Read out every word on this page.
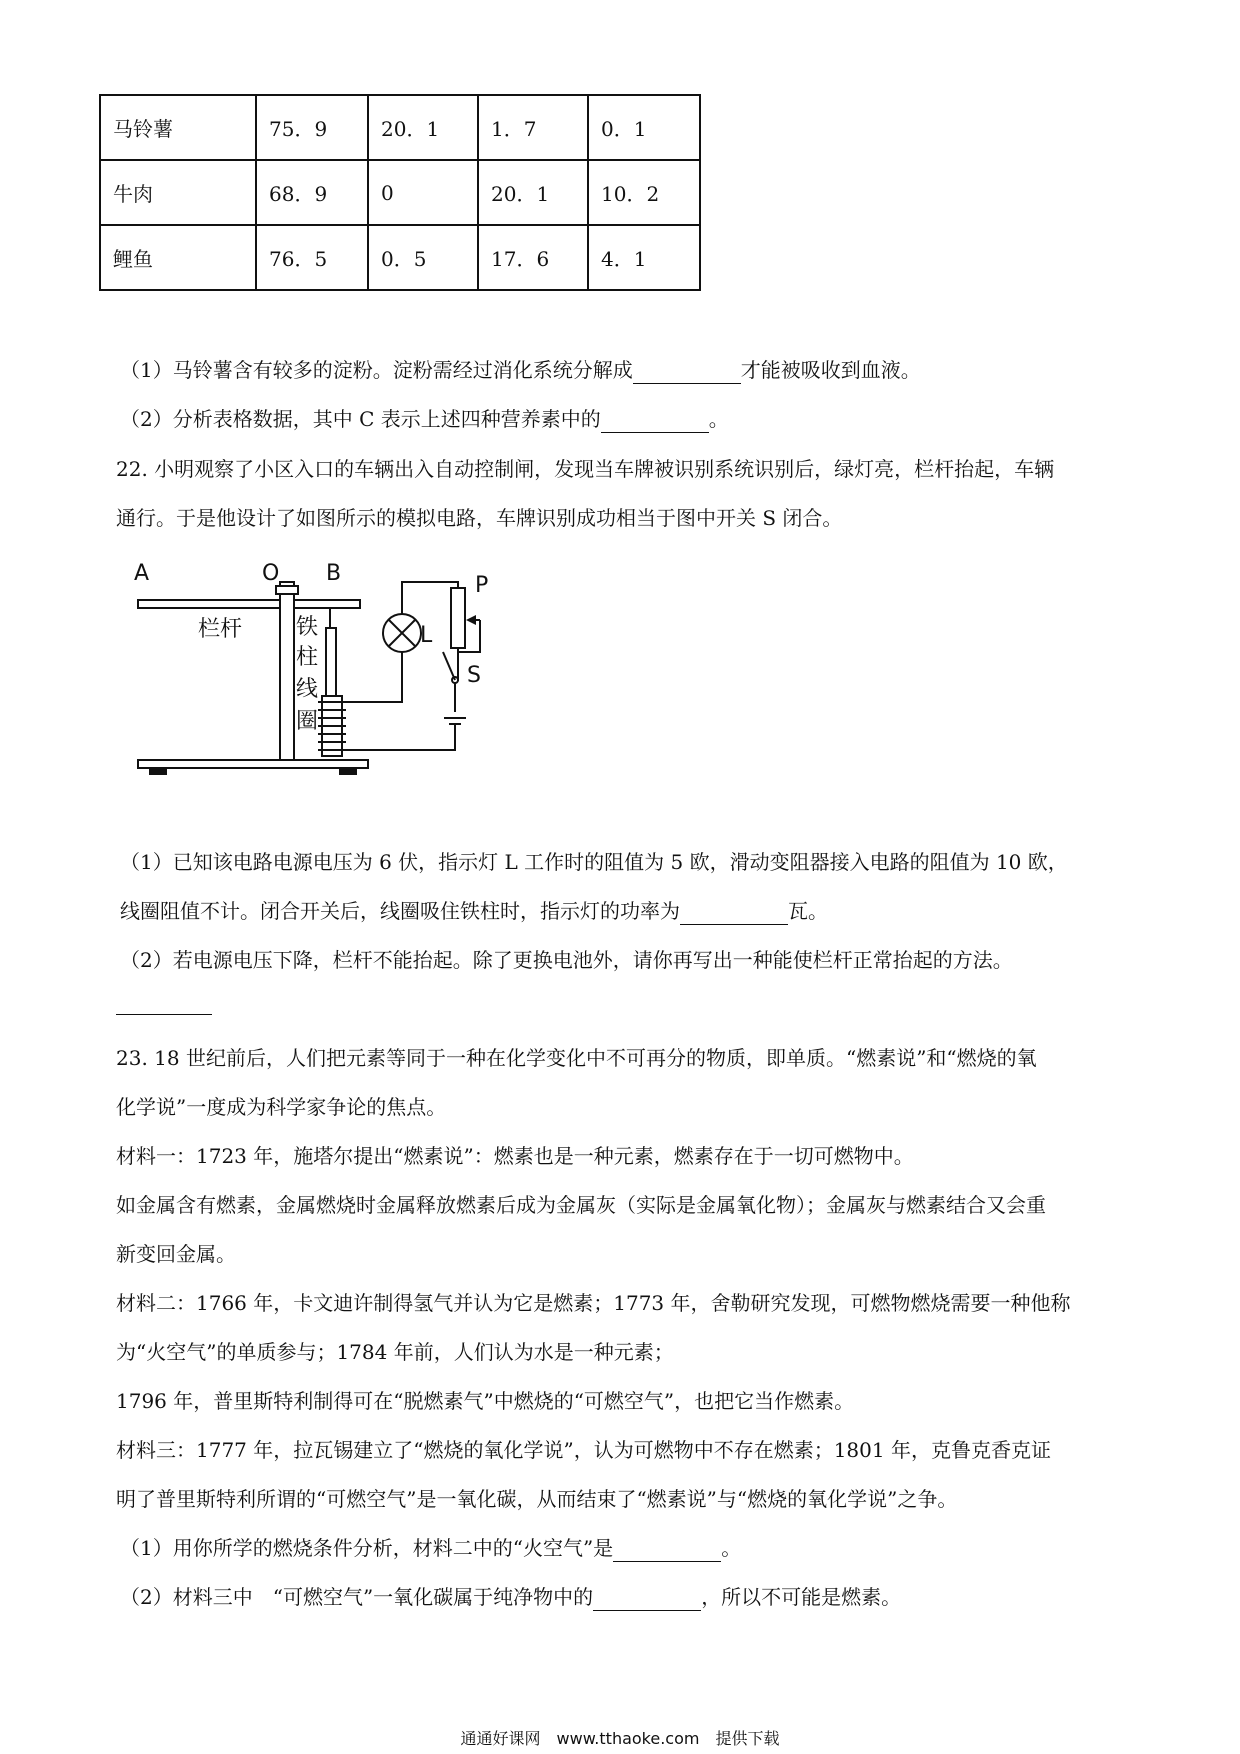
马铃薯	75．9	20．1	1．7	0．1
牛肉	68．9	0	20．1	10．2
鲤鱼	76．5	0．5	17．6	4．1
（1）马铃薯含有较多的淀粉。淀粉需经过消化系统分解成	才能被吸收到血液。
（2）分析表格数据，其中 C 表示上述四种营养素中的	。
22. 小明观察了小区入口的车辆出入自动控制闸，发现当车牌被识别系统识别后，绿灯亮，栏杆抬起，车辆
通行。于是他设计了如图所示的模拟电路，车牌识别成功相当于图中开关 S 闭合。
A	O B
L
P
S
栏杆 铁
柱
线
圈
（1）已知该电路电源电压为 6 伏，指示灯 L 工作时的阻值为 5 欧，滑动变阻器接入电路的阻值为 10 欧，
线圈阻值不计。闭合开关后，线圈吸住铁柱时，指示灯的功率为	瓦。
（2）若电源电压下降，栏杆不能抬起。除了更换电池外，请你再写出一种能使栏杆正常抬起的方法。
23. 18 世纪前后，人们把元素等同于一种在化学变化中不可再分的物质，即单质。“燃素说”和“燃烧的氧
化学说”一度成为科学家争论的焦点。
材料一：1723 年，施塔尔提出“燃素说”：燃素也是一种元素，燃素存在于一切可燃物中。
如金属含有燃素，金属燃烧时金属释放燃素后成为金属灰（实际是金属氧化物）；金属灰与燃素结合又会重
新变回金属。
材料二：1766 年，卡文迪许制得氢气并认为它是燃素；1773 年，舍勒研究发现，可燃物燃烧需要一种他称
为“火空气”的单质参与；1784 年前，人们认为水是一种元素；
1796 年，普里斯特利制得可在“脱燃素气”中燃烧的“可燃空气”，也把它当作燃素。
材料三：1777 年，拉瓦锡建立了“燃烧的氧化学说”，认为可燃物中不存在燃素；1801 年，克鲁克香克证
明了普里斯特利所谓的“可燃空气”是一氧化碳，从而结束了“燃素说”与“燃烧的氧化学说”之争。
（1）用你所学的燃烧条件分析，材料二中的“火空气”是	。
（2）材料三中　“可燃空气”一氧化碳属于纯净物中的	，所以不可能是燃素。
通通好课网　www.tthaoke.com　提供下载
